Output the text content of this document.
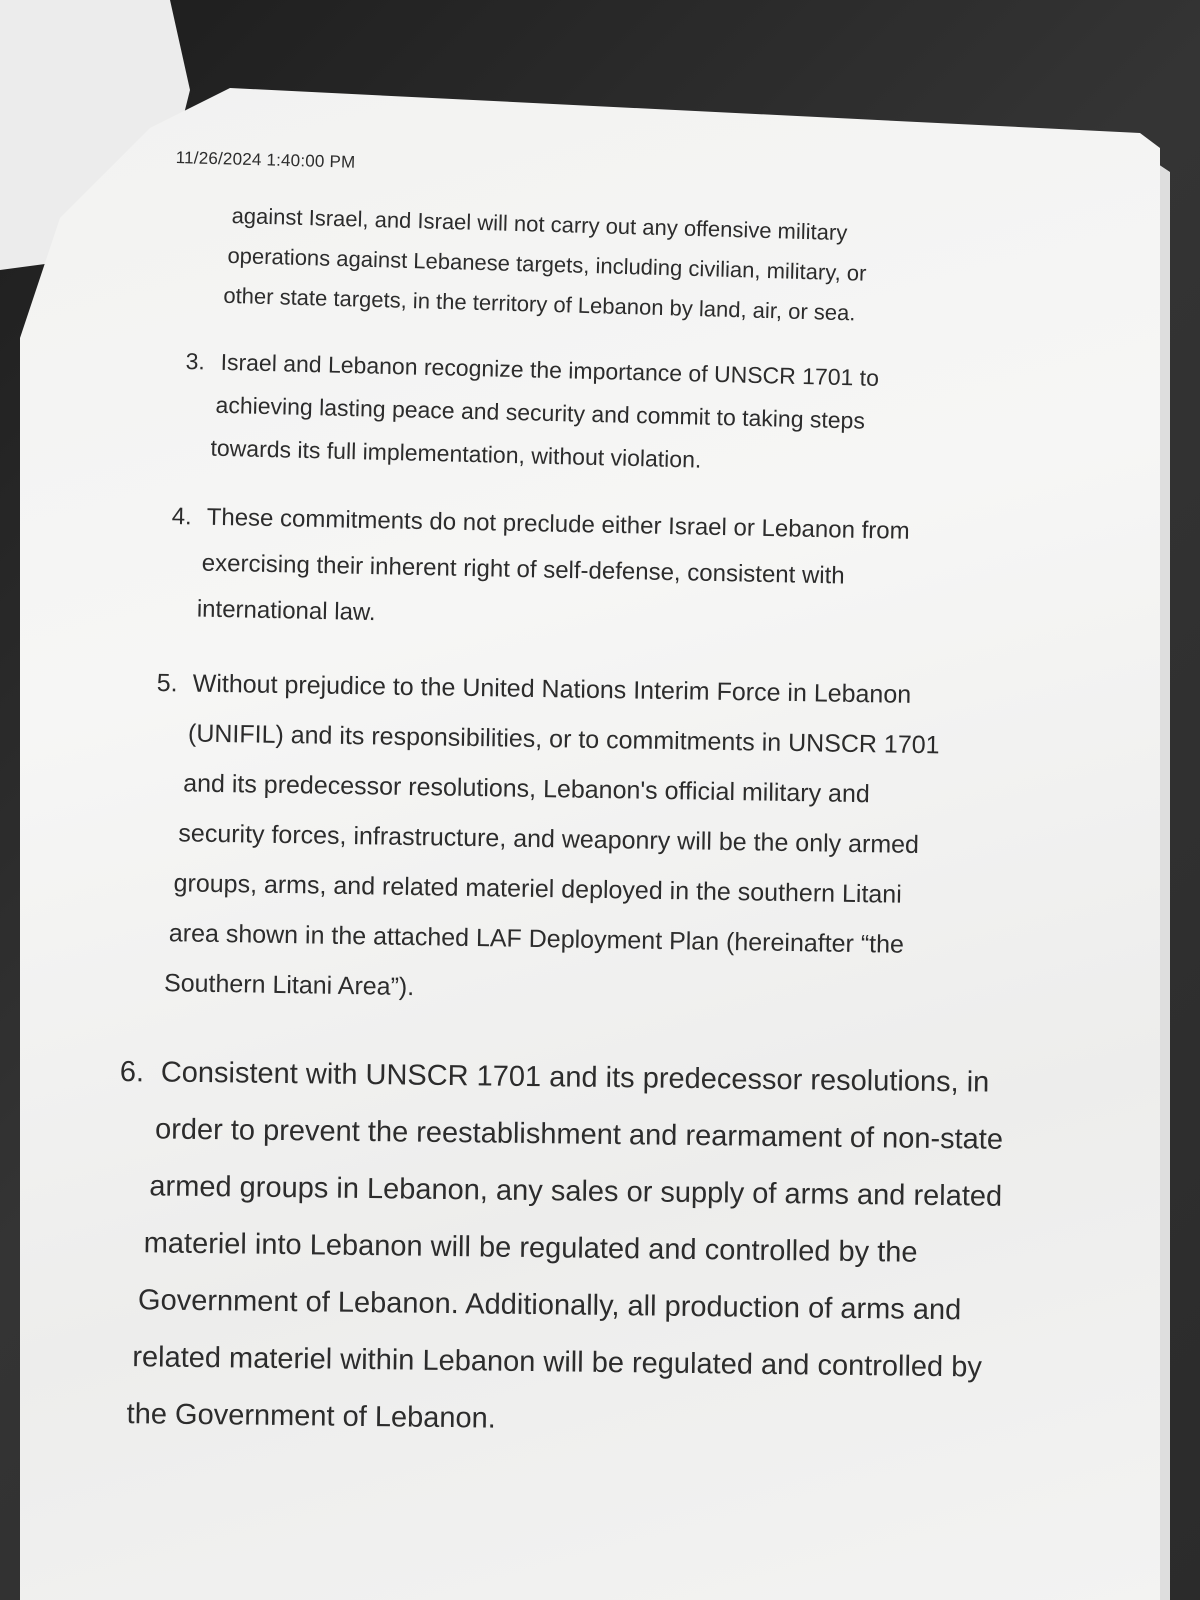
11/26/2024 1:40:00 PM
against Israel, and Israel will not carry out any offensive military
operations against Lebanese targets, including civilian, military, or
other state targets, in the territory of Lebanon by land, air, or sea.
3. Israel and Lebanon recognize the importance of UNSCR 1701 to
achieving lasting peace and security and commit to taking steps
towards its full implementation, without violation.
4. These commitments do not preclude either Israel or Lebanon from
exercising their inherent right of self-defense, consistent with
international law.
5. Without prejudice to the United Nations Interim Force in Lebanon
(UNIFIL) and its responsibilities, or to commitments in UNSCR 1701
and its predecessor resolutions, Lebanon's official military and
security forces, infrastructure, and weaponry will be the only armed
groups, arms, and related materiel deployed in the southern Litani
area shown in the attached LAF Deployment Plan (hereinafter “the
Southern Litani Area”).
6. Consistent with UNSCR 1701 and its predecessor resolutions, in
order to prevent the reestablishment and rearmament of non-state
armed groups in Lebanon, any sales or supply of arms and related
materiel into Lebanon will be regulated and controlled by the
Government of Lebanon. Additionally, all production of arms and
related materiel within Lebanon will be regulated and controlled by
the Government of Lebanon.
